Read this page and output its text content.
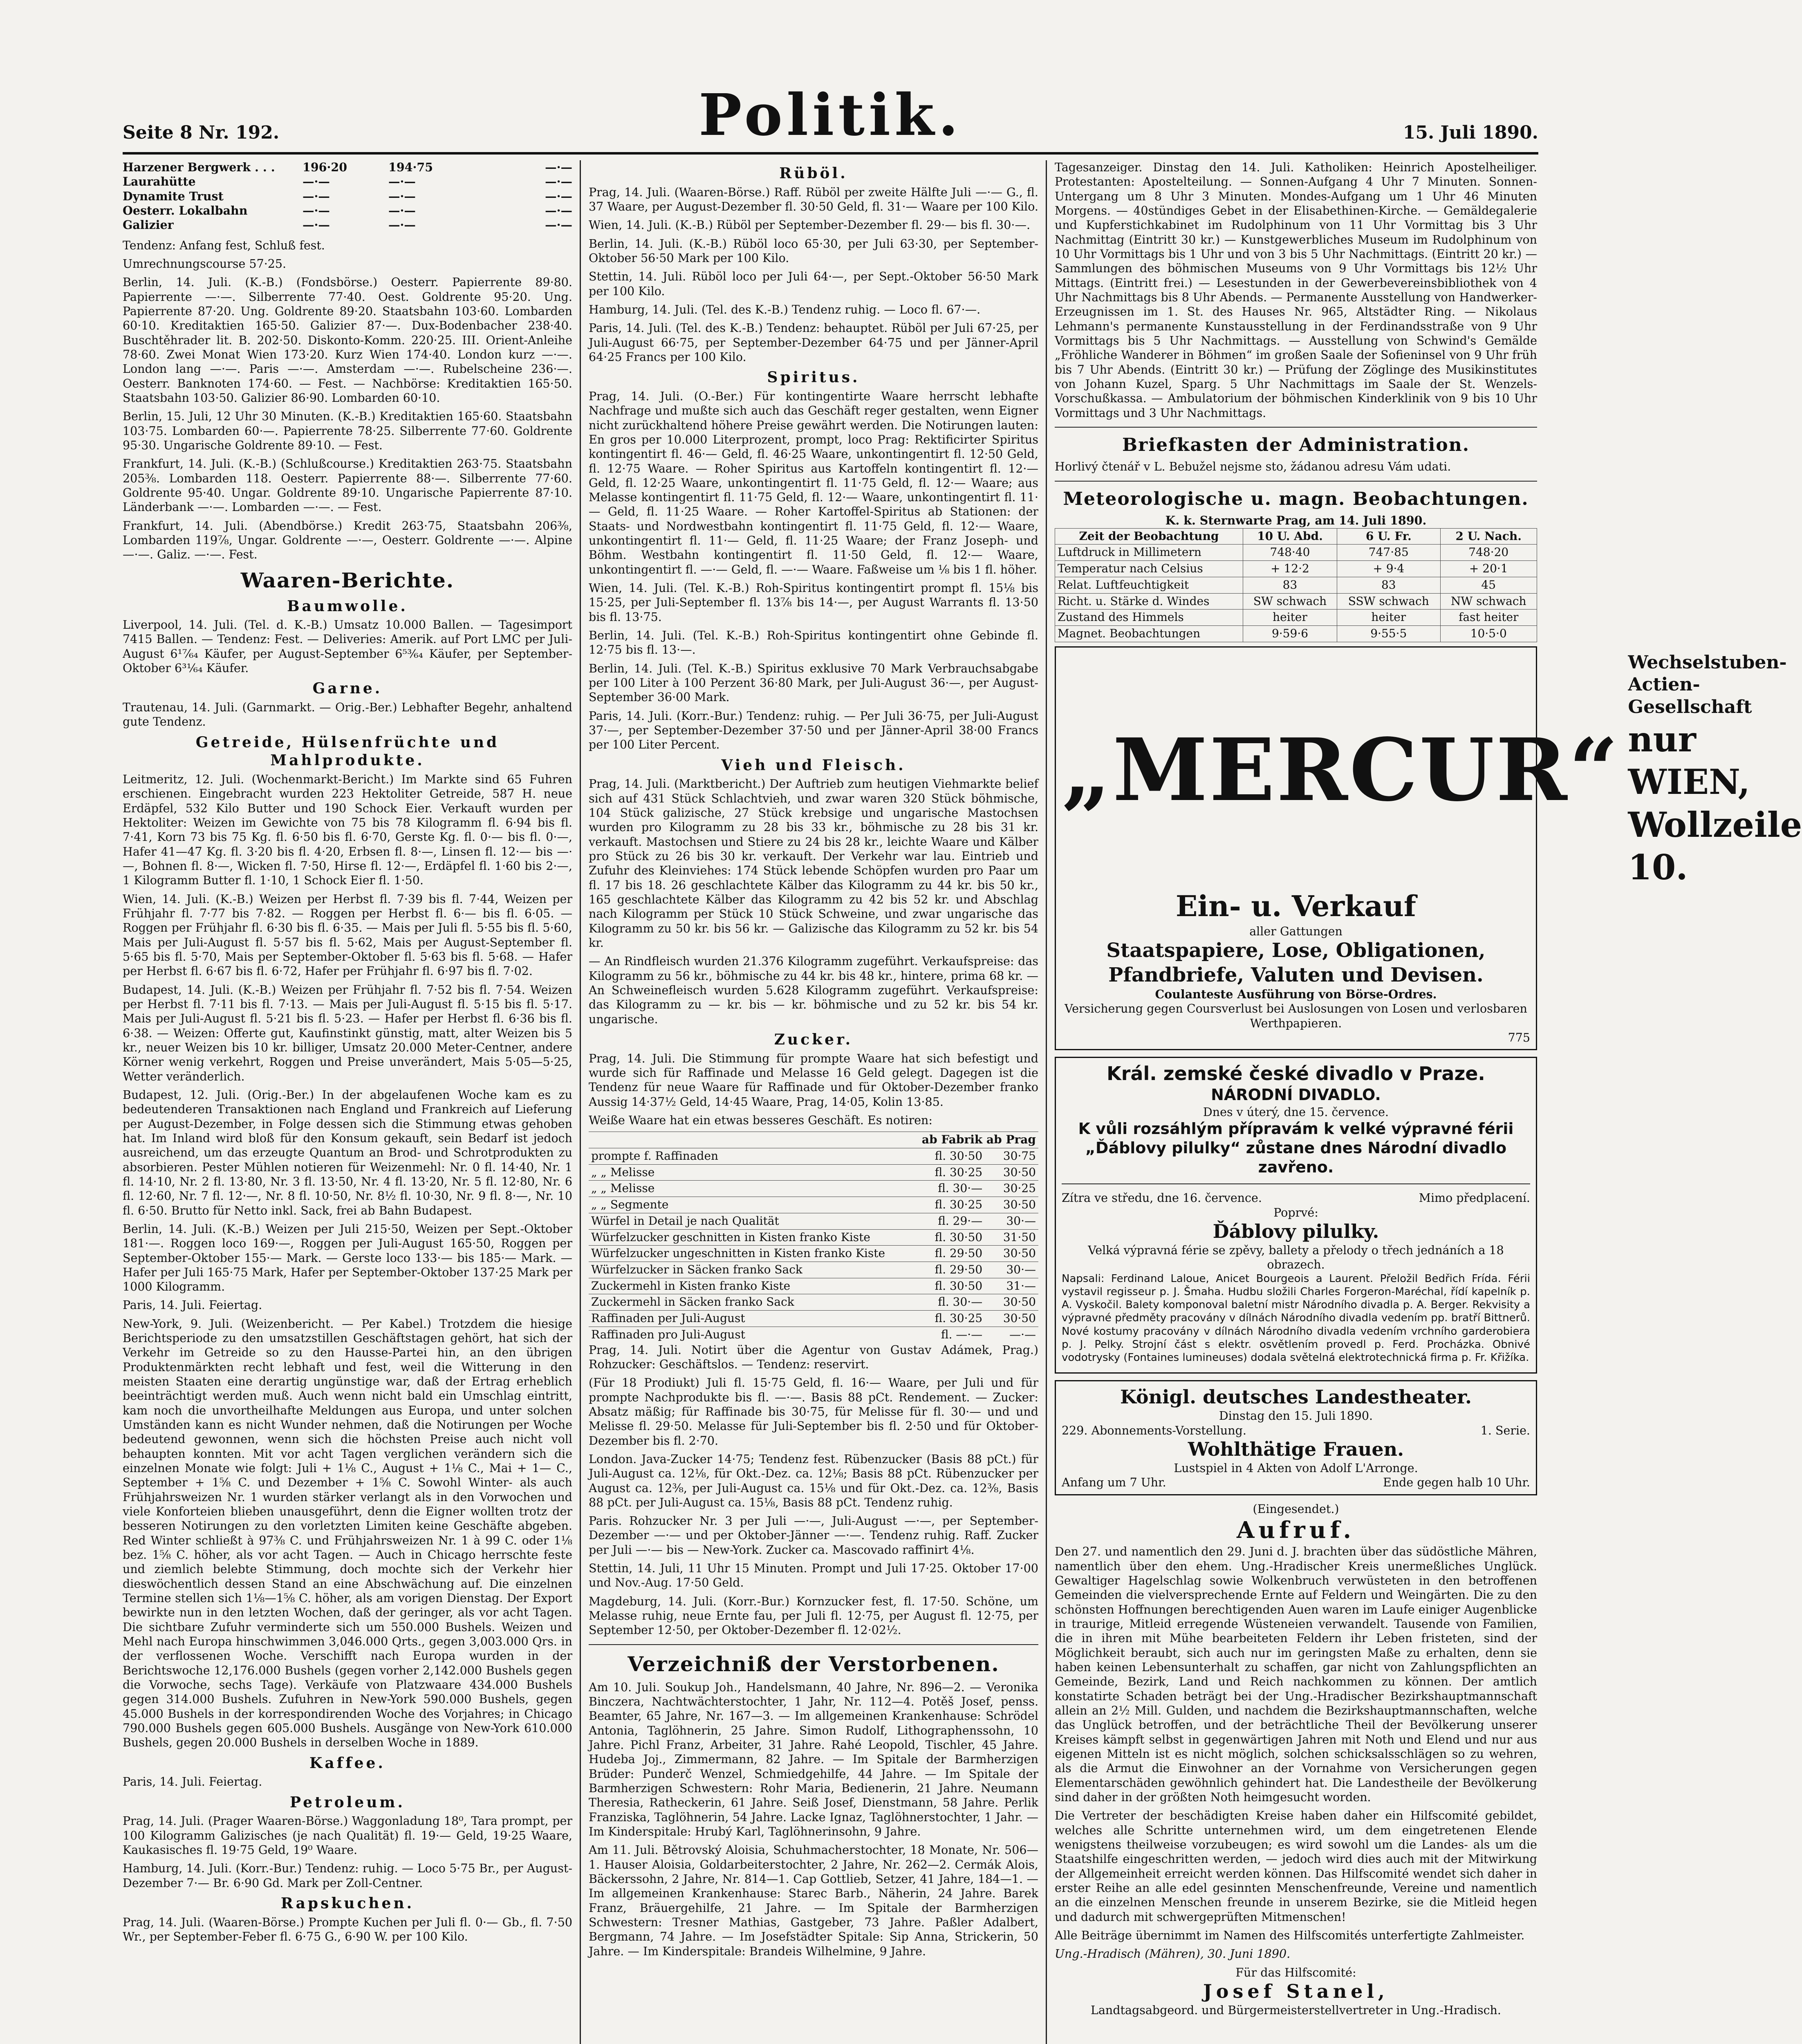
Seite 8 Nr. 192.	Politik.	15. Juli 1890.
Harzener Bergwerk . . .	196·20	194·75	—·—
Laurahütte	—·—	—·—	—·—
Dynamite Trust	—·—	—·—	—·—
Oesterr. Lokalbahn	—·—	—·—	—·—
Galizier	—·—	—·—	—·—

Tendenz: Anfang fest, Schluß fest.

Umrechnungscourse 57·25.

Berlin, 14. Juli. (K.-B.) (Fondsbörse.) Oesterr. Papierrente 89·80. Papierrente —·—. Silberrente 77·40. Oest. Goldrente 95·20. Ung. Papierrente 87·20. Ung. Goldrente 89·20. Staatsbahn 103·60. Lombarden 60·10. Kreditaktien 165·50. Galizier 87·—. Dux-Bodenbacher 238·40. Buschtěhrader lit. B. 202·50. Diskonto-Komm. 220·25. III. Orient-Anleihe 78·60. Zwei Monat Wien 173·20. Kurz Wien 174·40. London kurz —·—. London lang —·—. Paris —·—. Amsterdam —·—. Rubelscheine 236·—. Oesterr. Banknoten 174·60. — Fest. — Nachbörse: Kreditaktien 165·50. Staatsbahn 103·50. Galizier 86·90. Lombarden 60·10.

Berlin, 15. Juli, 12 Uhr 30 Minuten. (K.-B.) Kreditaktien 165·60. Staatsbahn 103·75. Lombarden 60·—. Papierrente 78·25. Silberrente 77·60. Goldrente 95·30. Ungarische Goldrente 89·10. — Fest.

Frankfurt, 14. Juli. (K.-B.) (Schlußcourse.) Kreditaktien 263·75. Staatsbahn 205⅜. Lombarden 118. Oesterr. Papierrente 88·—. Silberrente 77·60. Goldrente 95·40. Ungar. Goldrente 89·10. Ungarische Papierrente 87·10. Länderbank —·—. Lombarden —·—. — Fest.

Frankfurt, 14. Juli. (Abendbörse.) Kredit 263·75, Staatsbahn 206⅜, Lombarden 119⅞, Ungar. Goldrente —·—, Oesterr. Goldrente —·—. Alpine —·—. Galiz. —·—. Fest.

Waaren-Berichte.
Baumwolle.

Liverpool, 14. Juli. (Tel. d. K.-B.) Umsatz 10.000 Ballen. — Tagesimport 7415 Ballen. — Tendenz: Fest. — Deliveries: Amerik. auf Port LMC per Juli-August 6¹⁷⁄₆₄ Käufer, per August-September 6⁵³⁄₆₄ Käufer, per September-Oktober 6³¹⁄₆₄ Käufer.

Garne.

Trautenau, 14. Juli. (Garnmarkt. — Orig.-Ber.) Lebhafter Begehr, anhaltend gute Tendenz.

Getreide, Hülsenfrüchte und Mahlprodukte.

Leitmeritz, 12. Juli. (Wochenmarkt-Bericht.) Im Markte sind 65 Fuhren erschienen. Eingebracht wurden 223 Hektoliter Getreide, 587 H. neue Erdäpfel, 532 Kilo Butter und 190 Schock Eier. Verkauft wurden per Hektoliter: Weizen im Gewichte von 75 bis 78 Kilogramm fl. 6·94 bis fl. 7·41, Korn 73 bis 75 Kg. fl. 6·50 bis fl. 6·70, Gerste Kg. fl. 0·— bis fl. 0·—, Hafer 41—47 Kg. fl. 3·20 bis fl. 4·20, Erbsen fl. 8·—, Linsen fl. 12·— bis —·—, Bohnen fl. 8·—, Wicken fl. 7·50, Hirse fl. 12·—, Erdäpfel fl. 1·60 bis 2·—, 1 Kilogramm Butter fl. 1·10, 1 Schock Eier fl. 1·50.

Wien, 14. Juli. (K.-B.) Weizen per Herbst fl. 7·39 bis fl. 7·44, Weizen per Frühjahr fl. 7·77 bis 7·82. — Roggen per Herbst fl. 6·— bis fl. 6·05. — Roggen per Frühjahr fl. 6·30 bis fl. 6·35. — Mais per Juli fl. 5·55 bis fl. 5·60, Mais per Juli-August fl. 5·57 bis fl. 5·62, Mais per August-September fl. 5·65 bis fl. 5·70, Mais per September-Oktober fl. 5·63 bis fl. 5·68. — Hafer per Herbst fl. 6·67 bis fl. 6·72, Hafer per Frühjahr fl. 6·97 bis fl. 7·02.

Budapest, 14. Juli. (K.-B.) Weizen per Frühjahr fl. 7·52 bis fl. 7·54. Weizen per Herbst fl. 7·11 bis fl. 7·13. — Mais per Juli-August fl. 5·15 bis fl. 5·17. Mais per Juli-August fl. 5·21 bis fl. 5·23. — Hafer per Herbst fl. 6·36 bis fl. 6·38. — Weizen: Offerte gut, Kaufinstinkt günstig, matt, alter Weizen bis 5 kr., neuer Weizen bis 10 kr. billiger, Umsatz 20.000 Meter-Centner, andere Körner wenig verkehrt, Roggen und Preise unverändert, Mais 5·05—5·25, Wetter veränderlich.

Budapest, 12. Juli. (Orig.-Ber.) In der abgelaufenen Woche kam es zu bedeutenderen Transaktionen nach England und Frankreich auf Lieferung per August-Dezember, in Folge dessen sich die Stimmung etwas gehoben hat. Im Inland wird bloß für den Konsum gekauft, sein Bedarf ist jedoch ausreichend, um das erzeugte Quantum an Brod- und Schrotprodukten zu absorbieren. Pester Mühlen notieren für Weizenmehl: Nr. 0 fl. 14·40, Nr. 1 fl. 14·10, Nr. 2 fl. 13·80, Nr. 3 fl. 13·50, Nr. 4 fl. 13·20, Nr. 5 fl. 12·80, Nr. 6 fl. 12·60, Nr. 7 fl. 12·—, Nr. 8 fl. 10·50, Nr. 8½ fl. 10·30, Nr. 9 fl. 8·—, Nr. 10 fl. 6·50. Brutto für Netto inkl. Sack, frei ab Bahn Budapest.

Berlin, 14. Juli. (K.-B.) Weizen per Juli 215·50, Weizen per Sept.-Oktober 181·—. Roggen loco 169·—, Roggen per Juli-August 165·50, Roggen per September-Oktober 155·— Mark. — Gerste loco 133·— bis 185·— Mark. — Hafer per Juli 165·75 Mark, Hafer per September-Oktober 137·25 Mark per 1000 Kilogramm.

Paris, 14. Juli. Feiertag.

New-York, 9. Juli. (Weizenbericht. — Per Kabel.) Trotzdem die hiesige Berichtsperiode zu den umsatzstillen Geschäftstagen gehört, hat sich der Verkehr im Getreide so zu den Hausse-Partei hin, an den übrigen Produktenmärkten recht lebhaft und fest, weil die Witterung in den meisten Staaten eine derartig ungünstige war, daß der Ertrag erheblich beeinträchtigt werden muß. Auch wenn nicht bald ein Umschlag eintritt, kam noch die unvortheilhafte Meldungen aus Europa, und unter solchen Umständen kann es nicht Wunder nehmen, daß die Notirungen per Woche bedeutend gewonnen, wenn sich die höchsten Preise auch nicht voll behaupten konnten. Mit vor acht Tagen verglichen verändern sich die einzelnen Monate wie folgt: Juli + 1⅛ C., August + 1⅛ C., Mai + 1— C., September + 1⅝ C. und Dezember + 1⅝ C. Sowohl Winter- als auch Frühjahrsweizen Nr. 1 wurden stärker verlangt als in den Vorwochen und viele Konforteien blieben unausgeführt, denn die Eigner wollten trotz der besseren Notirungen zu den vorletzten Limiten keine Geschäfte abgeben. Red Winter schließt à 97⅜ C. und Frühjahrsweizen Nr. 1 à 99 C. oder 1⅛ bez. 1⅝ C. höher, als vor acht Tagen. — Auch in Chicago herrschte feste und ziemlich belebte Stimmung, doch mochte sich der Verkehr hier dieswöchentlich dessen Stand an eine Abschwächung auf. Die einzelnen Termine stellen sich 1⅛—1⅝ C. höher, als am vorigen Dienstag. Der Export bewirkte nun in den letzten Wochen, daß der geringer, als vor acht Tagen. Die sichtbare Zufuhr verminderte sich um 550.000 Bushels. Weizen und Mehl nach Europa hinschwimmen 3,046.000 Qrts., gegen 3,003.000 Qrs. in der verflossenen Woche. Verschifft nach Europa wurden in der Berichtswoche 12,176.000 Bushels (gegen vorher 2,142.000 Bushels gegen die Vorwoche, sechs Tage). Verkäufe von Platzwaare 434.000 Bushels gegen 314.000 Bushels. Zufuhren in New-York 590.000 Bushels, gegen 45.000 Bushels in der korrespondirenden Woche des Vorjahres; in Chicago 790.000 Bushels gegen 605.000 Bushels. Ausgänge von New-York 610.000 Bushels, gegen 20.000 Bushels in derselben Woche in 1889.

Kaffee.

Paris, 14. Juli. Feiertag.

Petroleum.

Prag, 14. Juli. (Prager Waaren-Börse.) Waggonladung 18⁰, Tara prompt, per 100 Kilogramm Galizisches (je nach Qualität) fl. 19·— Geld, 19·25 Waare, Kaukasisches fl. 19·75 Geld, 19⁰ Waare.

Hamburg, 14. Juli. (Korr.-Bur.) Tendenz: ruhig. — Loco 5·75 Br., per August-Dezember 7·— Br. 6·90 Gd. Mark per Zoll-Centner.

Rapskuchen.

Prag, 14. Juli. (Waaren-Börse.) Prompte Kuchen per Juli fl. 0·— Gb., fl. 7·50 Wr., per September-Feber fl. 6·75 G., 6·90 W. per 100 Kilo.

Rüböl.

Prag, 14. Juli. (Waaren-Börse.) Raff. Rüböl per zweite Hälfte Juli —·— G., fl. 37 Waare, per August-Dezember fl. 30·50 Geld, fl. 31·— Waare per 100 Kilo.

Wien, 14. Juli. (K.-B.) Rüböl per September-Dezember fl. 29·— bis fl. 30·—.

Berlin, 14. Juli. (K.-B.) Rüböl loco 65·30, per Juli 63·30, per September-Oktober 56·50 Mark per 100 Kilo.

Stettin, 14. Juli. Rüböl loco per Juli 64·—, per Sept.-Oktober 56·50 Mark per 100 Kilo.

Hamburg, 14. Juli. (Tel. des K.-B.) Tendenz ruhig. — Loco fl. 67·—.

Paris, 14. Juli. (Tel. des K.-B.) Tendenz: behauptet. Rüböl per Juli 67·25, per Juli-August 66·75, per September-Dezember 64·75 und per Jänner-April 64·25 Francs per 100 Kilo.

Spiritus.

Prag, 14. Juli. (O.-Ber.) Für kontingentirte Waare herrscht lebhafte Nachfrage und mußte sich auch das Geschäft reger gestalten, wenn Eigner nicht zurückhaltend höhere Preise gewährt werden. Die Notirungen lauten: En gros per 10.000 Literprozent, prompt, loco Prag: Rektificirter Spiritus kontingentirt fl. 46·— Geld, fl. 46·25 Waare, unkontingentirt fl. 12·50 Geld, fl. 12·75 Waare. — Roher Spiritus aus Kartoffeln kontingentirt fl. 12·— Geld, fl. 12·25 Waare, unkontingentirt fl. 11·75 Geld, fl. 12·— Waare; aus Melasse kontingentirt fl. 11·75 Geld, fl. 12·— Waare, unkontingentirt fl. 11·— Geld, fl. 11·25 Waare. — Roher Kartoffel-Spiritus ab Stationen: der Staats- und Nordwestbahn kontingentirt fl. 11·75 Geld, fl. 12·— Waare, unkontingentirt fl. 11·— Geld, fl. 11·25 Waare; der Franz Joseph- und Böhm. Westbahn kontingentirt fl. 11·50 Geld, fl. 12·— Waare, unkontingentirt fl. —·— Geld, fl. —·— Waare. Faßweise um ⅛ bis 1 fl. höher.

Wien, 14. Juli. (Tel. K.-B.) Roh-Spiritus kontingentirt prompt fl. 15⅛ bis 15·25, per Juli-September fl. 13⅞ bis 14·—, per August Warrants fl. 13·50 bis fl. 13·75.

Berlin, 14. Juli. (Tel. K.-B.) Roh-Spiritus kontingentirt ohne Gebinde fl. 12·75 bis fl. 13·—.

Berlin, 14. Juli. (Tel. K.-B.) Spiritus exklusive 70 Mark Verbrauchsabgabe per 100 Liter à 100 Perzent 36·80 Mark, per Juli-August 36·—, per August-September 36·00 Mark.

Paris, 14. Juli. (Korr.-Bur.) Tendenz: ruhig. — Per Juli 36·75, per Juli-August 37·—, per September-Dezember 37·50 und per Jänner-April 38·00 Francs per 100 Liter Percent.

Vieh und Fleisch.

Prag, 14. Juli. (Marktbericht.) Der Auftrieb zum heutigen Viehmarkte belief sich auf 431 Stück Schlachtvieh, und zwar waren 320 Stück böhmische, 104 Stück galizische, 27 Stück krebsige und ungarische Mastochsen wurden pro Kilogramm zu 28 bis 33 kr., böhmische zu 28 bis 31 kr. verkauft. Mastochsen und Stiere zu 24 bis 28 kr., leichte Waare und Kälber pro Stück zu 26 bis 30 kr. verkauft. Der Verkehr war lau. Eintrieb und Zufuhr des Kleinviehes: 174 Stück lebende Schöpfen wurden pro Paar um fl. 17 bis 18. 26 geschlachtete Kälber das Kilogramm zu 44 kr. bis 50 kr., 165 geschlachtete Kälber das Kilogramm zu 42 bis 52 kr. und Abschlag nach Kilogramm per Stück 10 Stück Schweine, und zwar ungarische das Kilogramm zu 50 kr. bis 56 kr. — Galizische das Kilogramm zu 52 kr. bis 54 kr.

— An Rindfleisch wurden 21.376 Kilogramm zugeführt. Verkaufspreise: das Kilogramm zu 56 kr., böhmische zu 44 kr. bis 48 kr., hintere, prima 68 kr. — An Schweinefleisch wurden 5.628 Kilogramm zugeführt. Verkaufspreise: das Kilogramm zu — kr. bis — kr. böhmische und zu 52 kr. bis 54 kr. ungarische.

Zucker.

Prag, 14. Juli. Die Stimmung für prompte Waare hat sich befestigt und wurde sich für Raffinade und Melasse 16 Geld gelegt. Dagegen ist die Tendenz für neue Waare für Raffinade und für Oktober-Dezember franko Aussig 14·37½ Geld, 14·45 Waare, Prag, 14·05, Kolin 13·85.

Weiße Waare hat ein etwas besseres Geschäft. Es notiren:

	ab Fabrik ab Prag	
prompte f. Raffinaden	fl. 30·50	30·75
„ „ Melisse	fl. 30·25	30·50
„ „ Melisse	fl. 30·—	30·25
„ „ Segmente	fl. 30·25	30·50
Würfel in Detail je nach Qualität	fl. 29·—	30·—
Würfelzucker geschnitten in Kisten franko Kiste	fl. 30·50	31·50
Würfelzucker ungeschnitten in Kisten franko Kiste	fl. 29·50	30·50
Würfelzucker in Säcken franko Sack	fl. 29·50	30·—
Zuckermehl in Kisten franko Kiste	fl. 30·50	31·—
Zuckermehl in Säcken franko Sack	fl. 30·—	30·50
Raffinaden per Juli-August	fl. 30·25	30·50
Raffinaden pro Juli-August	fl. —·—	—·—

Prag, 14. Juli. Notirt über die Agentur von Gustav Adámek, Prag.) Rohzucker: Geschäftslos. — Tendenz: reservirt.

(Für 18 Prodiukt) Juli fl. 15·75 Geld, fl. 16·— Waare, per Juli und für prompte Nachprodukte bis fl. —·—. Basis 88 pCt. Rendement. — Zucker: Absatz mäßig; für Raffinade bis 30·75, für Melisse für fl. 30·— und und Melisse fl. 29·50. Melasse für Juli-September bis fl. 2·50 und für Oktober-Dezember bis fl. 2·70.

London. Java-Zucker 14·75; Tendenz fest. Rübenzucker (Basis 88 pCt.) für Juli-August ca. 12⅛, für Okt.-Dez. ca. 12⅛; Basis 88 pCt. Rübenzucker per August ca. 12⅜, per Juli-August ca. 15⅛ und für Okt.-Dez. ca. 12⅜, Basis 88 pCt. per Juli-August ca. 15⅛, Basis 88 pCt. Tendenz ruhig.

Paris. Rohzucker Nr. 3 per Juli —·—, Juli-August —·—, per September-Dezember —·— und per Oktober-Jänner —·—. Tendenz ruhig. Raff. Zucker per Juli —·— bis — New-York. Zucker ca. Mascovado raffinirt 4⅛.

Stettin, 14. Juli, 11 Uhr 15 Minuten. Prompt und Juli 17·25. Oktober 17·00 und Nov.-Aug. 17·50 Geld.

Magdeburg, 14. Juli. (Korr.-Bur.) Kornzucker fest, fl. 17·50. Schöne, um Melasse ruhig, neue Ernte fau, per Juli fl. 12·75, per August fl. 12·75, per September 12·50, per Oktober-Dezember fl. 12·02½.

Verzeichniß der Verstorbenen.

Am 10. Juli. Soukup Joh., Handelsmann, 40 Jahre, Nr. 896—2. — Veronika Binczera, Nachtwächterstochter, 1 Jahr, Nr. 112—4. Potěš Josef, penss. Beamter, 65 Jahre, Nr. 167—3. — Im allgemeinen Krankenhause: Schrödel Antonia, Taglöhnerin, 25 Jahre. Simon Rudolf, Lithographenssohn, 10 Jahre. Pichl Franz, Arbeiter, 31 Jahre. Rahé Leopold, Tischler, 45 Jahre. Hudeba Joj., Zimmermann, 82 Jahre. — Im Spitale der Barmherzigen Brüder: Punderč Wenzel, Schmiedgehilfe, 44 Jahre. — Im Spitale der Barmherzigen Schwestern: Rohr Maria, Bedienerin, 21 Jahre. Neumann Theresia, Ratheckerin, 61 Jahre. Seiß Josef, Dienstmann, 58 Jahre. Perlik Franziska, Taglöhnerin, 54 Jahre. Lacke Ignaz, Taglöhnerstochter, 1 Jahr. — Im Kinderspitale: Hrubý Karl, Taglöhnerinsohn, 9 Jahre.

Am 11. Juli. Bětrovský Aloisia, Schuhmacherstochter, 18 Monate, Nr. 506—1. Hauser Aloisia, Goldarbeiterstochter, 2 Jahre, Nr. 262—2. Cermák Alois, Bäckerssohn, 2 Jahre, Nr. 814—1. Cap Gottlieb, Setzer, 41 Jahre, 184—1. — Im allgemeinen Krankenhause: Starec Barb., Näherin, 24 Jahre. Barek Franz, Bräuergehilfe, 21 Jahre. — Im Spitale der Barmherzigen Schwestern: Tresner Mathias, Gastgeber, 73 Jahre. Paßler Adalbert, Bergmann, 74 Jahre. — Im Josefstädter Spitale: Sip Anna, Strickerin, 50 Jahre. — Im Kinderspitale: Brandeis Wilhelmine, 9 Jahre.

Tagesanzeiger. Dinstag den 14. Juli. Katholiken: Heinrich Apostelheiliger. Protestanten: Apostelteilung. — Sonnen-Aufgang 4 Uhr 7 Minuten. Sonnen-Untergang um 8 Uhr 3 Minuten. Mondes-Aufgang um 1 Uhr 46 Minuten Morgens. — 40stündiges Gebet in der Elisabethinen-Kirche. — Gemäldegalerie und Kupferstichkabinet im Rudolphinum von 11 Uhr Vormittag bis 3 Uhr Nachmittag (Eintritt 30 kr.) — Kunstgewerbliches Museum im Rudolphinum von 10 Uhr Vormittags bis 1 Uhr und von 3 bis 5 Uhr Nachmittags. (Eintritt 20 kr.) — Sammlungen des böhmischen Museums von 9 Uhr Vormittags bis 12½ Uhr Mittags. (Eintritt frei.) — Lesestunden in der Gewerbevereinsbibliothek von 4 Uhr Nachmittags bis 8 Uhr Abends. — Permanente Ausstellung von Handwerker-Erzeugnissen im 1. St. des Hauses Nr. 965, Altstädter Ring. — Nikolaus Lehmann's permanente Kunstausstellung in der Ferdinandsstraße von 9 Uhr Vormittags bis 5 Uhr Nachmittags. — Ausstellung von Schwind's Gemälde „Fröhliche Wanderer in Böhmen“ im großen Saale der Sofieninsel von 9 Uhr früh bis 7 Uhr Abends. (Eintritt 30 kr.) — Prüfung der Zöglinge des Musikinstitutes von Johann Kuzel, Sparg. 5 Uhr Nachmittags im Saale der St. Wenzels-Vorschußkassa. — Ambulatorium der böhmischen Kinderklinik von 9 bis 10 Uhr Vormittags und 3 Uhr Nachmittags.

Briefkasten der Administration.

Horlivý čtenář v L. Bebužel nejsme sto, žádanou adresu Vám udati.

Meteorologische u. magn. Beobachtungen.
K. k. Sternwarte Prag, am 14. Juli 1890.
Zeit der Beobachtung	10 U. Abd.	6 U. Fr.	2 U. Nach.
Luftdruck in Millimetern	748·40	747·85	748·20
Temperatur nach Celsius	+ 12·2	+ 9·4	+ 20·1
Relat. Luftfeuchtigkeit	83	83	45
Richt. u. Stärke d. Windes	SW schwach	SSW schwach	NW schwach
Zustand des Himmels	heiter	heiter	fast heiter
Magnet. Beobachtungen	9·59·6	9·55·5	10·5·0
„MERCUR“
Wechselstuben-Actien-Gesellschaft
nur WIEN, Wollzeile 10.
Ein- u. Verkauf
aller Gattungen
Staatspapiere, Lose, Obligationen, Pfandbriefe, Valuten und Devisen.
Coulanteste Ausführung von Börse-Ordres.
Versicherung gegen Coursverlust bei Auslosungen von Losen und verlosbaren Werthpapieren.
775
Král. zemské české divadlo v Praze.
NÁRODNÍ DIVADLO.
Dnes v úterý, dne 15. července.
K vůli rozsáhlým přípravám k velké výpravné férii „Ďáblovy pilulky“ zůstane dnes Národní divadlo zavřeno.
Zítra ve středu, dne 16. července.	Mimo předplacení.
Poprvé:
Ďáblovy pilulky.
Velká výpravná férie se zpěvy, ballety a přelody o třech jednáních a 18 obrazech.

Napsali: Ferdinand Laloue, Anicet Bourgeois a Laurent. Přeložil Bedřich Frída. Férii vystavil regisseur p. J. Šmaha. Hudbu složili Charles Forgeron-Maréchal, řídí kapelník p. A. Vyskočil. Balety komponoval baletní mistr Národního divadla p. A. Berger. Rekvisity a výpravné předměty pracovány v dílnách Národního divadla vedením pp. bratří Bittnerů. Nové kostumy pracovány v dílnách Národního divadla vedením vrchního garderobiera p. J. Pelky. Strojní část s elektr. osvětlením provedl p. Ferd. Procházka. Obnivé vodotrysky (Fontaines lumineuses) dodala světelná elektrotechnická firma p. Fr. Křižíka.

Königl. deutsches Landestheater.
Dinstag den 15. Juli 1890.
229. Abonnements-Vorstellung.	1. Serie.
Wohlthätige Frauen.
Lustspiel in 4 Akten von Adolf L'Arronge.
Anfang um 7 Uhr.	Ende gegen halb 10 Uhr.
(Eingesendet.)
Aufruf.

Den 27. und namentlich den 29. Juni d. J. brachten über das südöstliche Mähren, namentlich über den ehem. Ung.-Hradischer Kreis unermeßliches Unglück. Gewaltiger Hagelschlag sowie Wolkenbruch verwüsteten in den betroffenen Gemeinden die vielversprechende Ernte auf Feldern und Weingärten. Die zu den schönsten Hoffnungen berechtigenden Auen waren im Laufe einiger Augenblicke in traurige, Mitleid erregende Wüsteneien verwandelt. Tausende von Familien, die in ihren mit Mühe bearbeiteten Feldern ihr Leben fristeten, sind der Möglichkeit beraubt, sich auch nur im geringsten Maße zu erhalten, denn sie haben keinen Lebensunterhalt zu schaffen, gar nicht von Zahlungspflichten an Gemeinde, Bezirk, Land und Reich nachkommen zu können. Der amtlich konstatirte Schaden beträgt bei der Ung.-Hradischer Bezirkshauptmannschaft allein an 2½ Mill. Gulden, und nachdem die Bezirkshauptmannschaften, welche das Unglück betroffen, und der beträchtliche Theil der Bevölkerung unserer Kreises kämpft selbst in gegenwärtigen Jahren mit Noth und Elend und nur aus eigenen Mitteln ist es nicht möglich, solchen schicksalsschlägen so zu wehren, als die Armut die Einwohner an der Vornahme von Versicherungen gegen Elementarschäden gewöhnlich gehindert hat. Die Landestheile der Bevölkerung sind daher in der größten Noth heimgesucht worden.

Die Vertreter der beschädigten Kreise haben daher ein Hilfscomité gebildet, welches alle Schritte unternehmen wird, um dem eingetretenen Elende wenigstens theilweise vorzubeugen; es wird sowohl um die Landes- als um die Staatshilfe eingeschritten werden, — jedoch wird dies auch mit der Mitwirkung der Allgemeinheit erreicht werden können. Das Hilfscomité wendet sich daher in erster Reihe an alle edel gesinnten Menschenfreunde, Vereine und namentlich an die einzelnen Menschen freunde in unserem Bezirke, sie die Mitleid hegen und dadurch mit schwergeprüften Mitmenschen!

Alle Beiträge übernimmt im Namen des Hilfscomités unterfertigte Zahlmeister.

Ung.-Hradisch (Mähren), 30. Juni 1890.

Für das Hilfscomité:
Josef Stanel,
Landtagsabgeord. und Bürgermeisterstellvertreter in Ung.-Hradisch.
